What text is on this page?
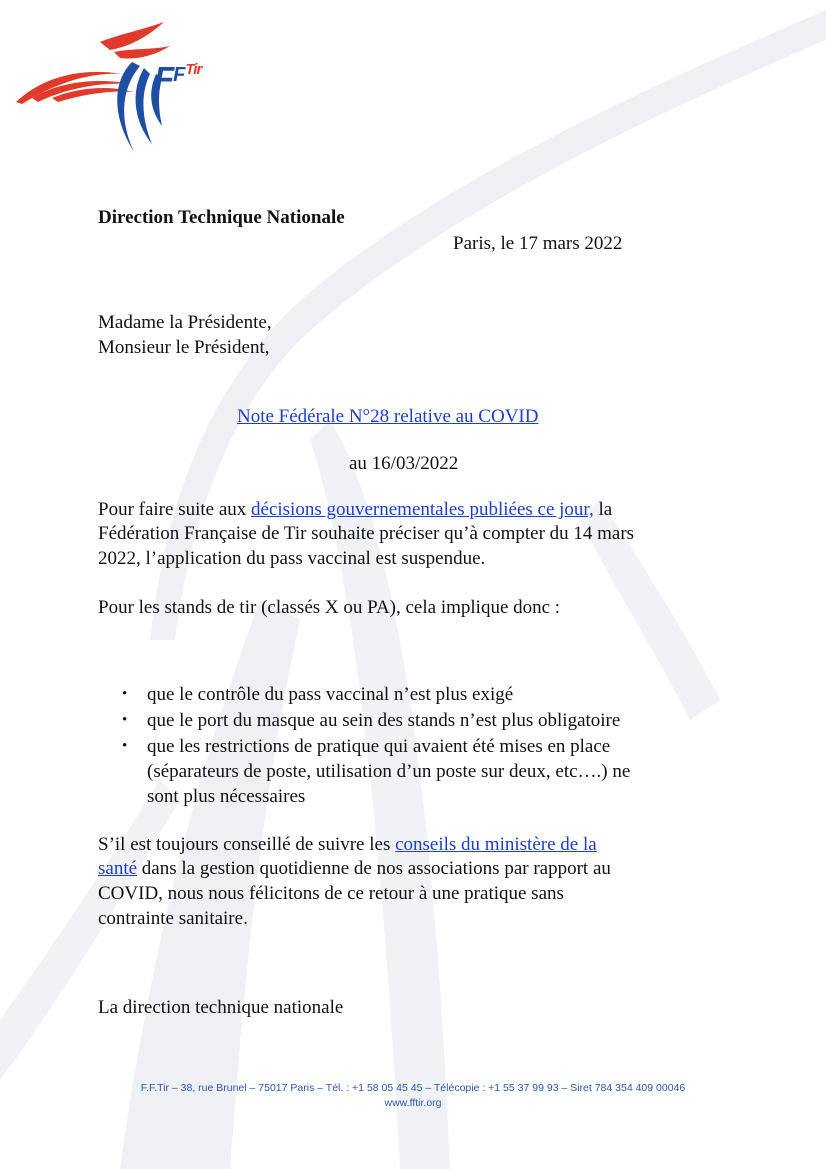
$F^{FTir}$
Direction Technique Nationale
Paris, le 17 mars 2022
Madame la Présidente,
Monsieur le Président,
Note Fédérale N°28 relative au COVID
au 16/03/2022
Pour faire suite aux décisions gouvernementales publiées ce jour, la
Fédération Française de Tir souhaite préciser qu’à compter du 14 mars
2022, l’application du pass vaccinal est suspendue.
Pour les stands de tir (classés X ou PA), cela implique donc :
• que le contrôle du pass vaccinal n’est plus exigé
• que le port du masque au sein des stands n’est plus obligatoire
• que les restrictions de pratique qui avaient été mises en place
(séparateurs de poste, utilisation d’un poste sur deux, etc….) ne
sont plus nécessaires
S’il est toujours conseillé de suivre les conseils du ministère de la
santé dans la gestion quotidienne de nos associations par rapport au
COVID, nous nous félicitons de ce retour à une pratique sans
contrainte sanitaire.
La direction technique nationale
F.F.Tir – 38, rue Brunel – 75017 Paris – Tél. : +1 58 05 45 45 – Télécopie : +1 55 37 99 93 – Siret 784 354 409 00046
www.fftir.org
